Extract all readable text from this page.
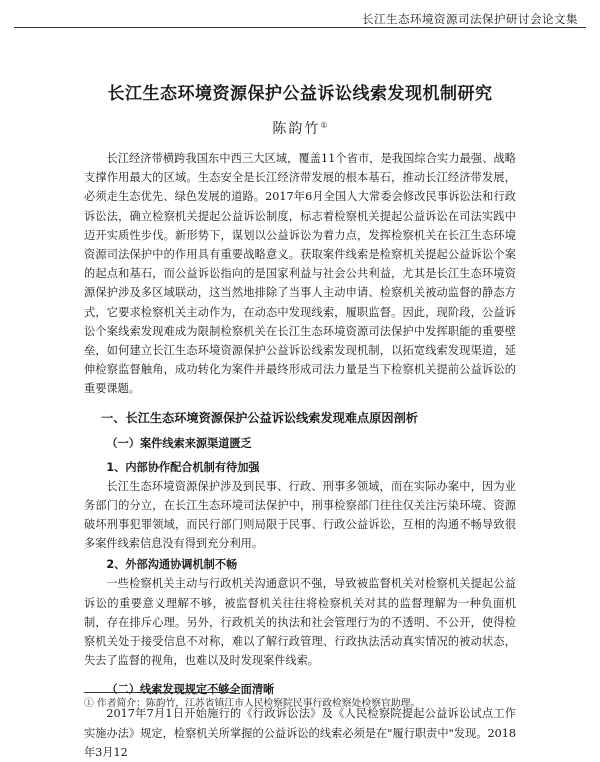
长江生态环境资源司法保护研讨会论文集
长江生态环境资源保护公益诉讼线索发现机制研究
陈韵竹①

长江经济带横跨我国东中西三大区域，覆盖11个省市，是我国综合实力最强、战略支撑作用最大的区域。生态安全是长江经济带发展的根本基石，推动长江经济带发展，必须走生态优先、绿色发展的道路。2017年6月全国人大常委会修改民事诉讼法和行政诉讼法，确立检察机关提起公益诉讼制度，标志着检察机关提起公益诉讼在司法实践中迈开实质性步伐。新形势下，谋划以公益诉讼为着力点，发挥检察机关在长江生态环境资源司法保护中的作用具有重要战略意义。获取案件线索是检察机关提起公益诉讼个案的起点和基石，而公益诉讼指向的是国家利益与社会公共利益，尤其是长江生态环境资源保护涉及多区域联动，这当然地排除了当事人主动申请、检察机关被动监督的静态方式，它要求检察机关主动作为，在动态中发现线索，履职监督。因此，现阶段，公益诉讼个案线索发现难成为限制检察机关在长江生态环境资源司法保护中发挥职能的重要壁垒，如何建立长江生态环境资源保护公益诉讼线索发现机制，以拓宽线索发现渠道，延伸检察监督触角，成功转化为案件并最终形成司法力量是当下检察机关提前公益诉讼的重要课题。

一、长江生态环境资源保护公益诉讼线索发现难点原因剖析
（一）案件线索来源渠道匮乏
1、内部协作配合机制有待加强

长江生态环境资源保护涉及到民事、行政、刑事多领域，而在实际办案中，因为业务部门的分立，在长江生态环境司法保护中，刑事检察部门往往仅关注污染环境、资源破坏刑事犯罪领域，而民行部门则局限于民事、行政公益诉讼，互相的沟通不畅导致很多案件线索信息没有得到充分利用。

2、外部沟通协调机制不畅

一些检察机关主动与行政机关沟通意识不强，导致被监督机关对检察机关提起公益诉讼的重要意义理解不够，被监督机关往往将检察机关对其的监督理解为一种负面机制，存在排斥心理。另外，行政机关的执法和社会管理行为的不透明、不公开，使得检察机关处于接受信息不对称，难以了解行政管理、行政执法活动真实情况的被动状态，失去了监督的视角，也难以及时发现案件线索。

（二）线索发现规定不够全面清晰

2017年7月1日开始施行的《行政诉讼法》及《人民检察院提起公益诉讼试点工作实施办法》规定，检察机关所掌握的公益诉讼的线索必须是在"履行职责中"发现。2018年3月12

① 作者简介：陈韵竹，江苏省镇江市人民检察院民事行政检察处检察官助理。
